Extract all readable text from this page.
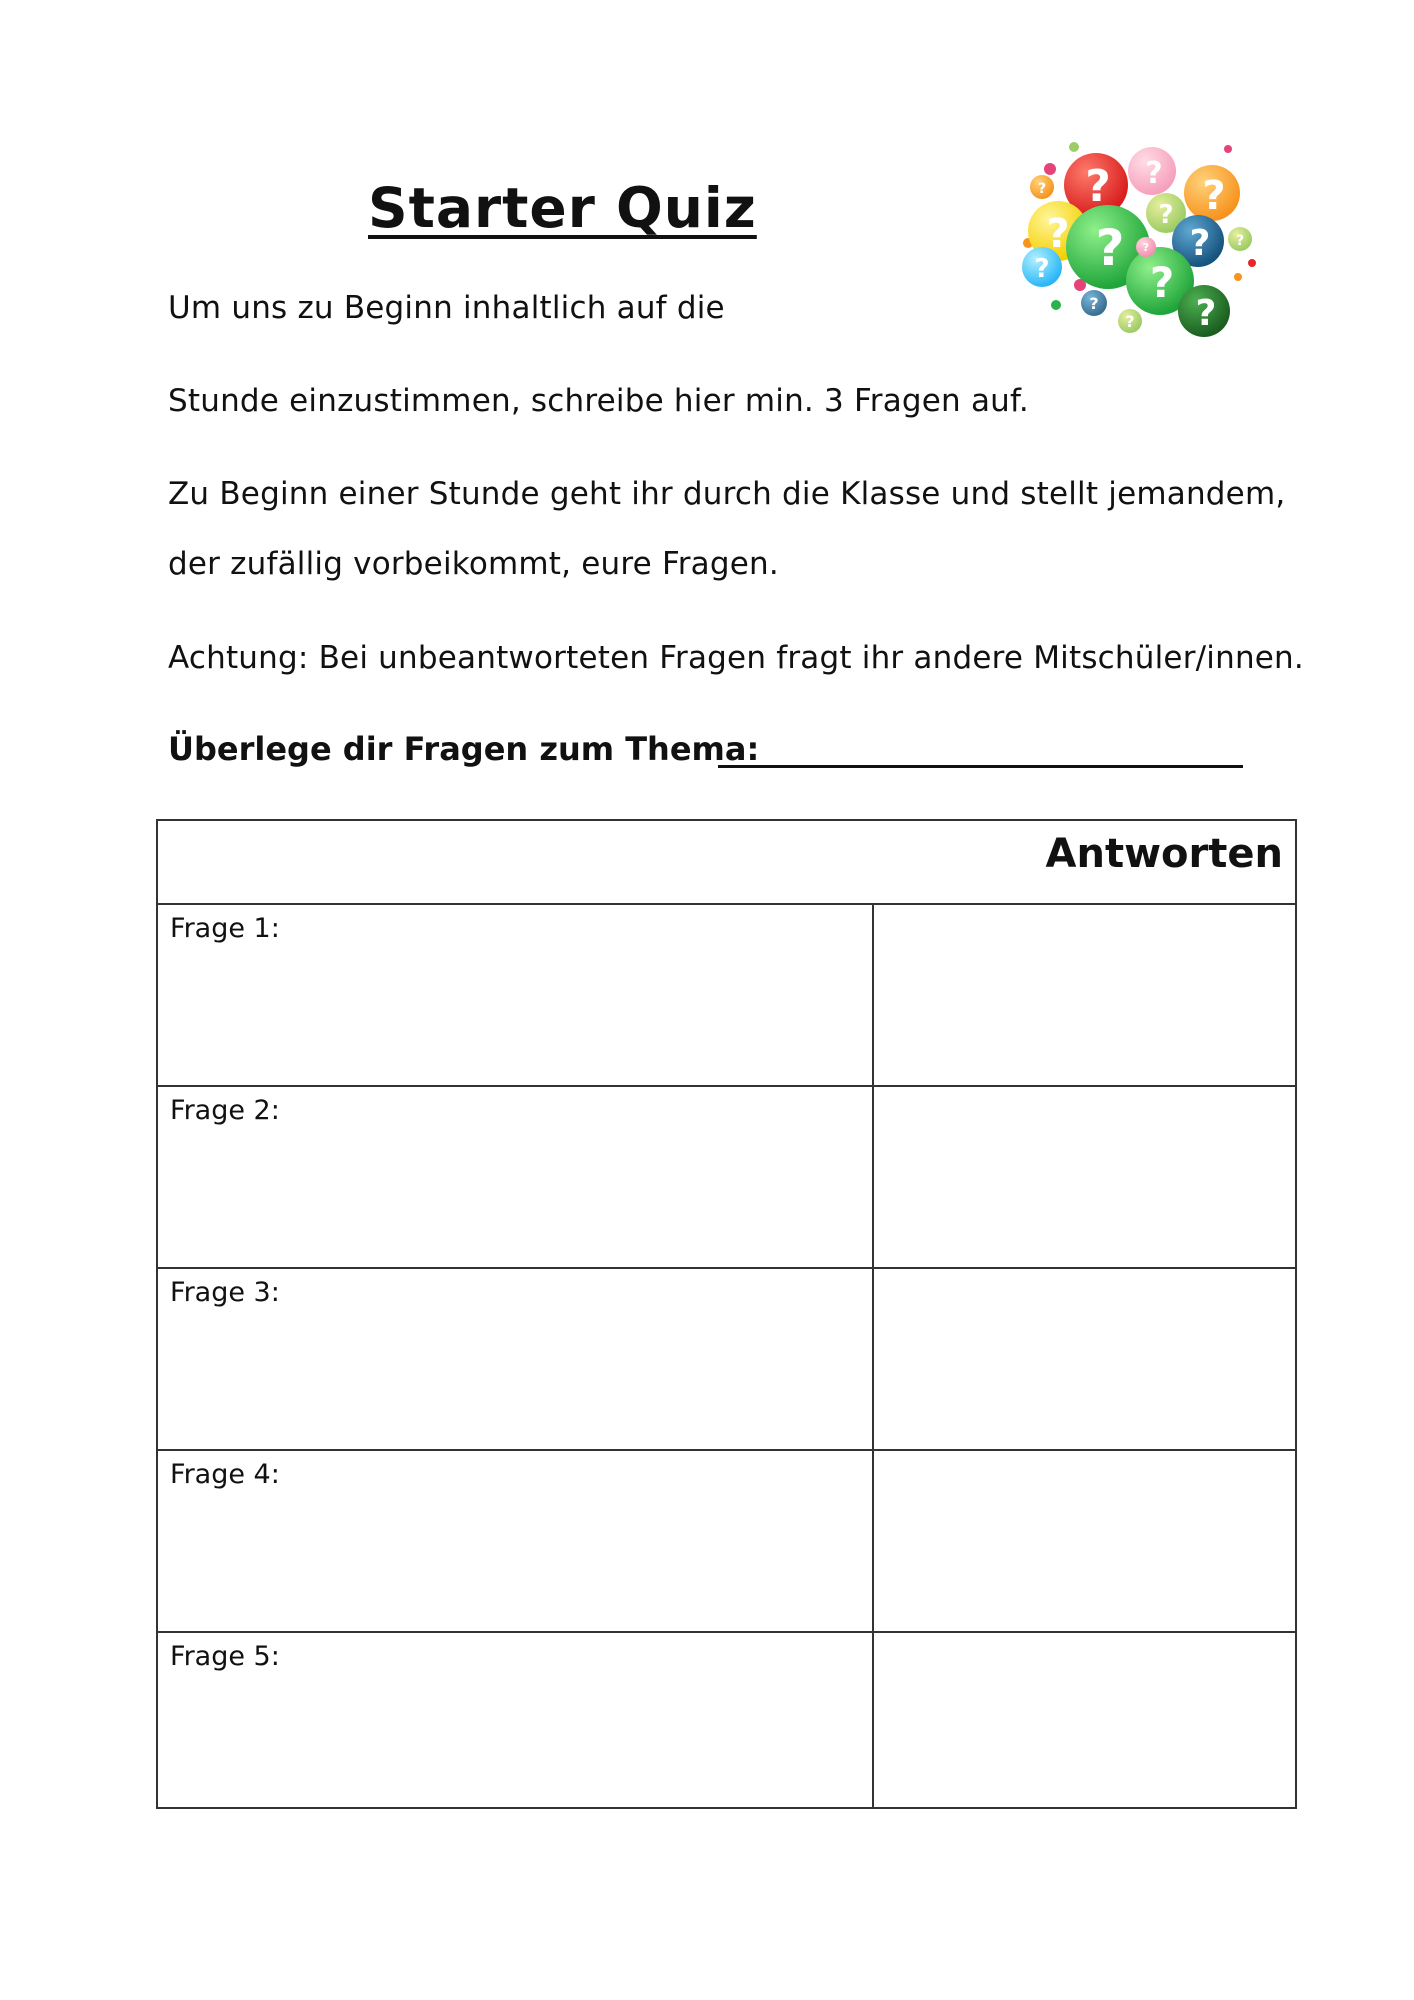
Starter Quiz	? ? ?
?
?
? ? ? ?
?
?
?
?
?
?
Um uns zu Beginn inhaltlich auf die
Stunde einzustimmen, schreibe hier min. 3 Fragen auf.
Zu Beginn einer Stunde geht ihr durch die Klasse und stellt jemandem,
der zufällig vorbeikommt, eure Fragen.
Achtung: Bei unbeantworteten Fragen fragt ihr andere Mitschüler/innen.
Überlege dir Fragen zum Thema:
Antworten
Frage 1:
Frage 2:
Frage 3:
Frage 4:
Frage 5:
